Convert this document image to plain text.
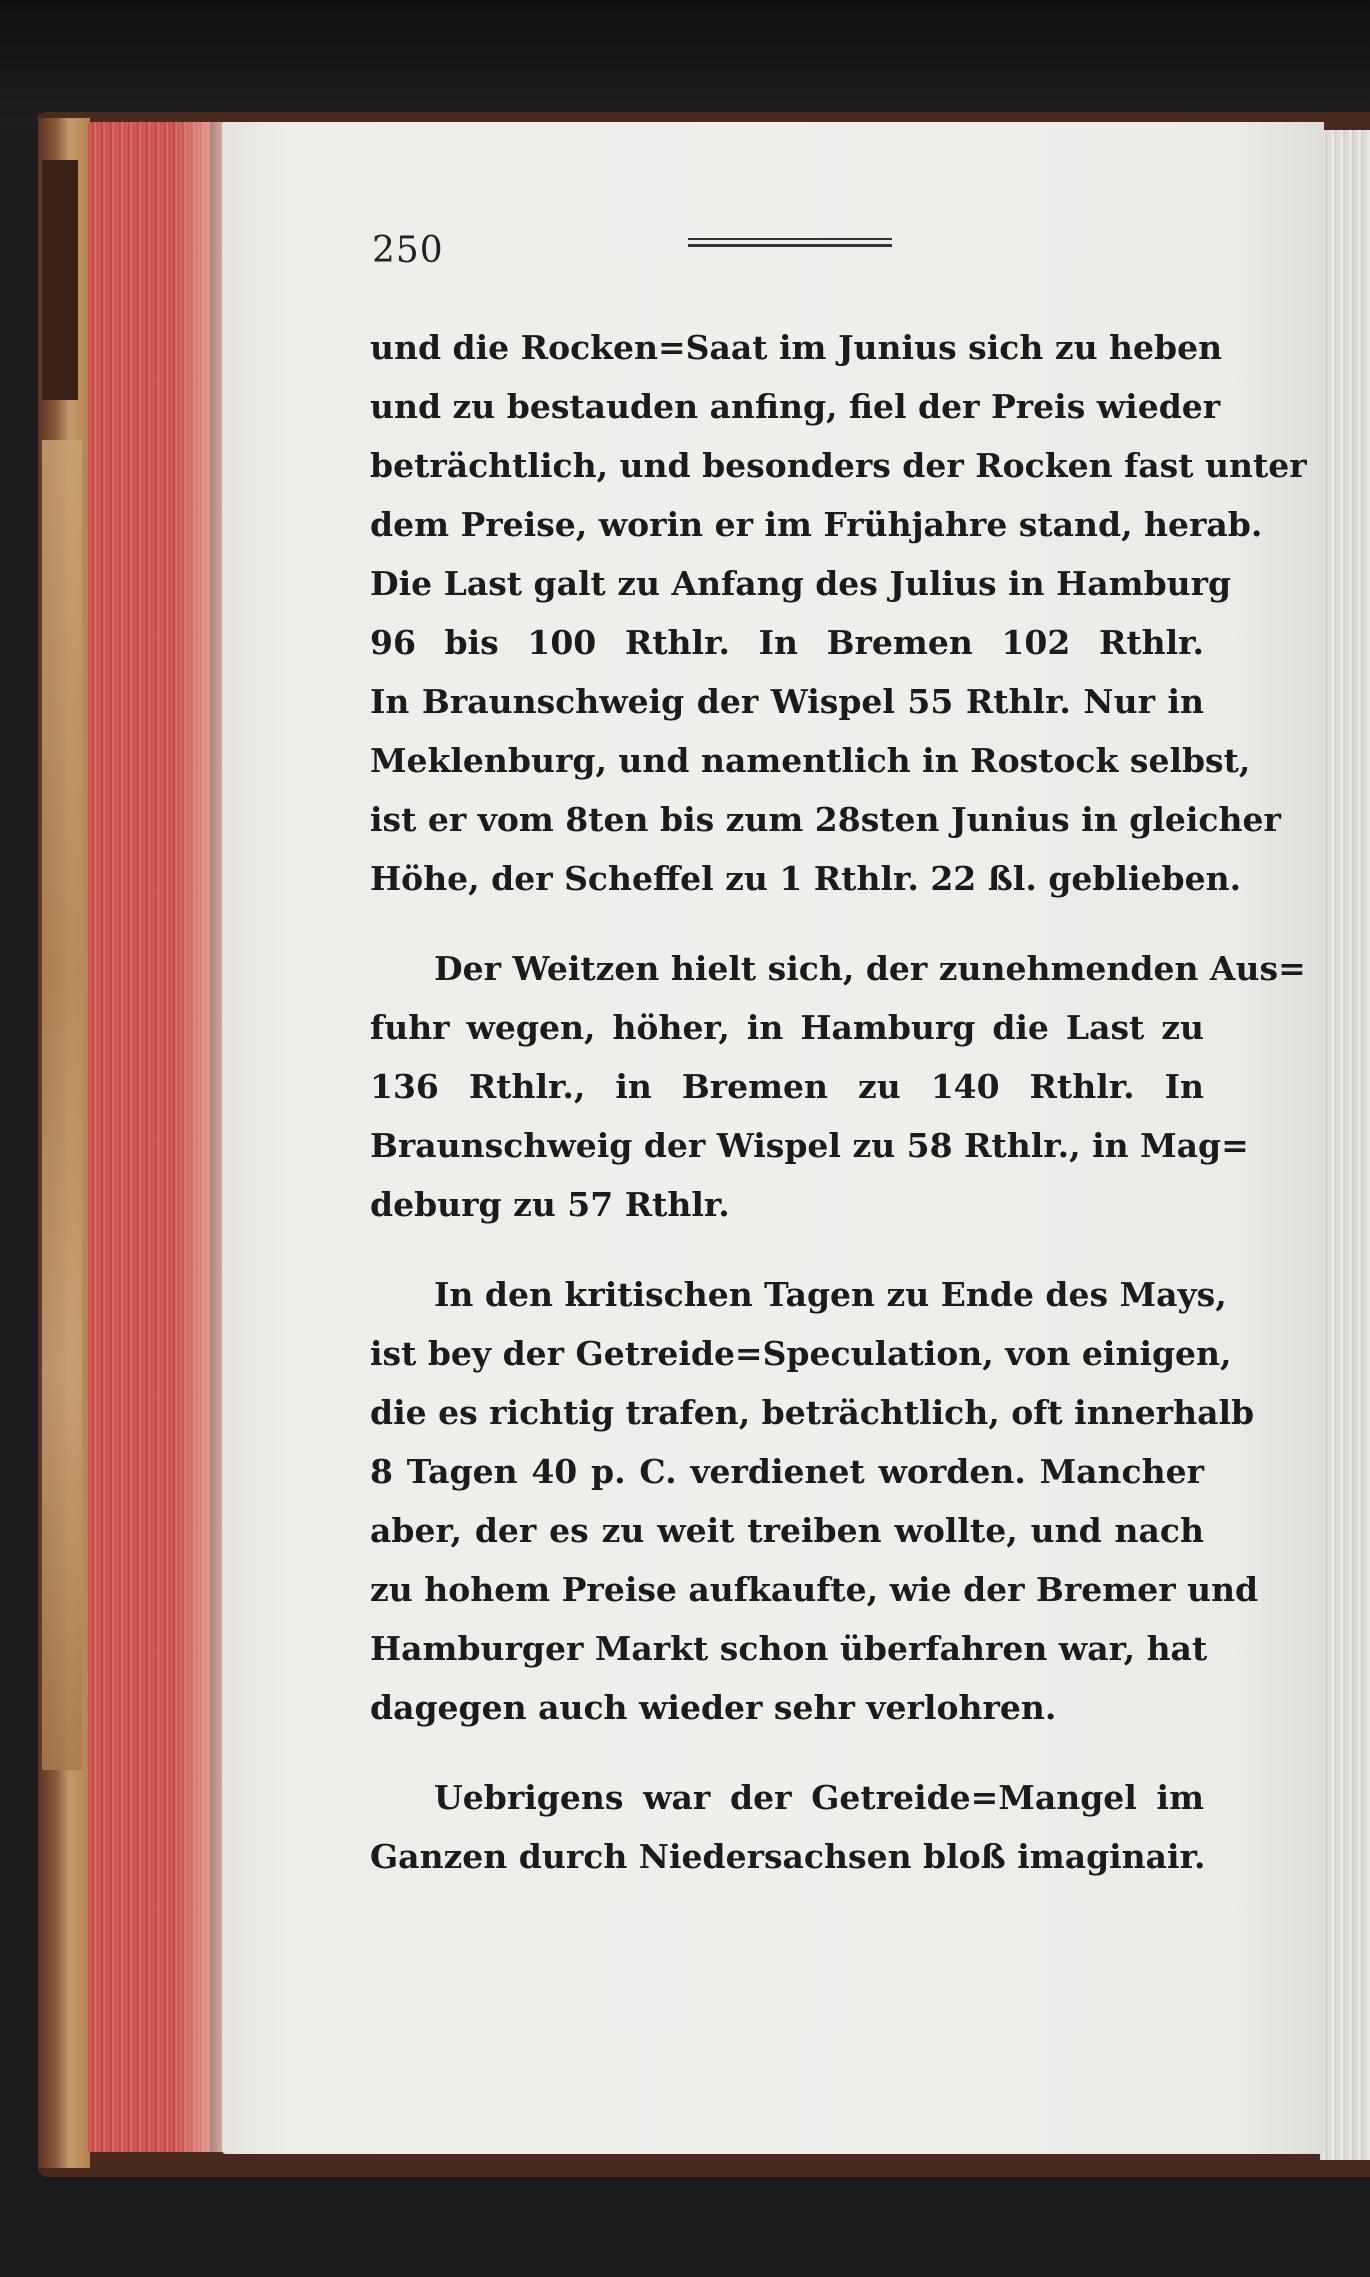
250
und die Rocken=Saat im Junius sich zu heben
und zu bestauden anfing, fiel der Preis wieder
beträchtlich, und besonders der Rocken fast unter
dem Preise, worin er im Frühjahre stand, herab.
Die Last galt zu Anfang des Julius in Hamburg
96 bis 100 Rthlr. In Bremen 102 Rthlr.
In Braunschweig der Wispel 55 Rthlr. Nur in
Meklenburg, und namentlich in Rostock selbst,
ist er vom 8ten bis zum 28sten Junius in gleicher
Höhe, der Scheffel zu 1 Rthlr. 22 ßl. geblieben.
Der Weitzen hielt sich, der zunehmenden Aus=
fuhr wegen, höher, in Hamburg die Last zu
136 Rthlr., in Bremen zu 140 Rthlr. In
Braunschweig der Wispel zu 58 Rthlr., in Mag=
deburg zu 57 Rthlr.
In den kritischen Tagen zu Ende des Mays,
ist bey der Getreide=Speculation, von einigen,
die es richtig trafen, beträchtlich, oft innerhalb
8 Tagen 40 p. C. verdienet worden. Mancher
aber, der es zu weit treiben wollte, und nach
zu hohem Preise aufkaufte, wie der Bremer und
Hamburger Markt schon überfahren war, hat
dagegen auch wieder sehr verlohren.
Uebrigens war der Getreide=Mangel im
Ganzen durch Niedersachsen bloß imaginair.
